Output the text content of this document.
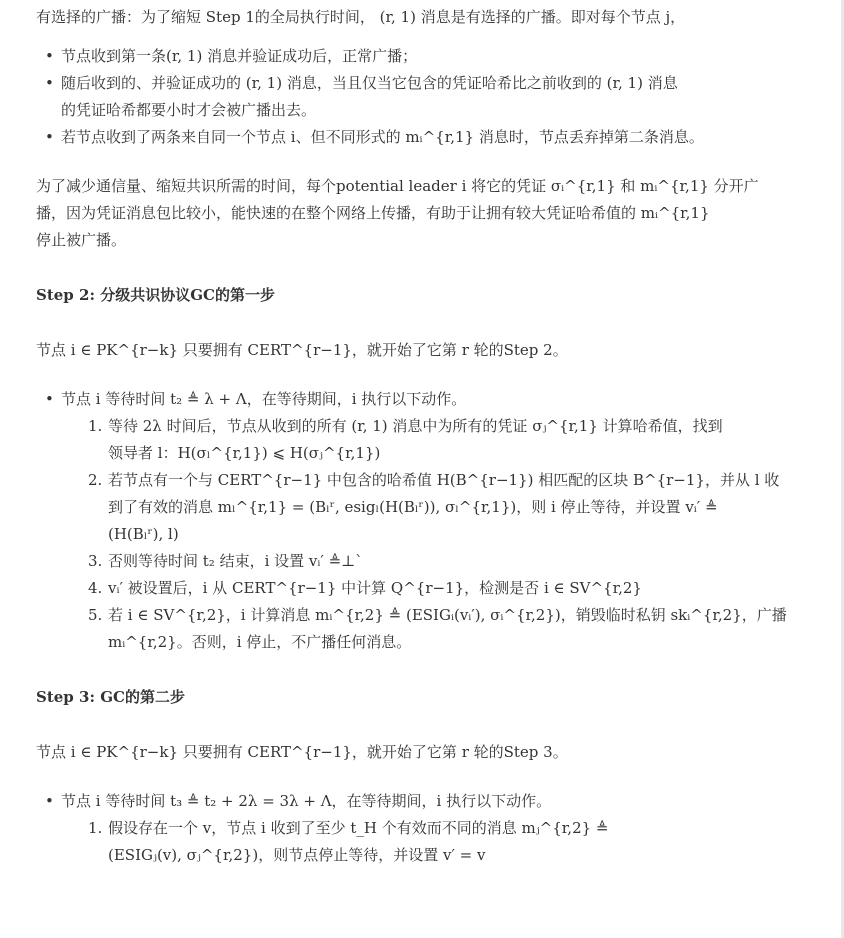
有选择的广播：为了缩短 Step 1的全局执行时间， (r, 1) 消息是有选择的广播。即对每个节点 j，

• 节点收到第一条(r, 1) 消息并验证成功后，正常广播；
• 随后收到的、并验证成功的 (r, 1) 消息，当且仅当它包含的凭证哈希比之前收到的 (r, 1) 消息
的凭证哈希都要小时才会被广播出去。
• 若节点收到了两条来自同一个节点 i、但不同形式的 mᵢ^{r,1} 消息时，节点丢弃掉第二条消息。

为了减少通信量、缩短共识所需的时间，每个potential leader i 将它的凭证 σᵢ^{r,1} 和 mᵢ^{r,1} 分开广
播，因为凭证消息包比较小，能快速的在整个网络上传播，有助于让拥有较大凭证哈希值的 mᵢ^{r,1}
停止被广播。

Step 2: 分级共识协议GC的第一步

节点 i ∈ PK^{r−k} 只要拥有 CERT^{r−1}，就开始了它第 r 轮的Step 2。

• 节点 i 等待时间 t₂ ≜ λ + Λ，在等待期间，i 执行以下动作。
1. 等待 2λ 时间后，节点从收到的所有 (r, 1) 消息中为所有的凭证 σⱼ^{r,1} 计算哈希值，找到
领导者 l：H(σₗ^{r,1}) ⩽ H(σⱼ^{r,1})
2. 若节点有一个与 CERT^{r−1} 中包含的哈希值 H(B^{r−1}) 相匹配的区块 B^{r−1}，并从 l 收
到了有效的消息 mₗ^{r,1} = (Bₗʳ, esigₗ(H(Bₗʳ)), σₗ^{r,1})，则 i 停止等待，并设置 vᵢ′ ≜
(H(Bₗʳ), l)
3. 否则等待时间 t₂ 结束，i 设置 vᵢ′ ≜⊥`
4. vᵢ′ 被设置后，i 从 CERT^{r−1} 中计算 Q^{r−1}，检测是否 i ∈ SV^{r,2}
5. 若 i ∈ SV^{r,2}，i 计算消息 mᵢ^{r,2} ≜ (ESIGᵢ(vᵢ′), σᵢ^{r,2})，销毁临时私钥 skᵢ^{r,2}，广播
mᵢ^{r,2}。否则，i 停止，不广播任何消息。

Step 3: GC的第二步

节点 i ∈ PK^{r−k} 只要拥有 CERT^{r−1}，就开始了它第 r 轮的Step 3。

• 节点 i 等待时间 t₃ ≜ t₂ + 2λ = 3λ + Λ，在等待期间，i 执行以下动作。
1. 假设存在一个 v，节点 i 收到了至少 t_H 个有效而不同的消息 mⱼ^{r,2} ≜
(ESIGⱼ(v), σⱼ^{r,2})，则节点停止等待，并设置 v′ = v
